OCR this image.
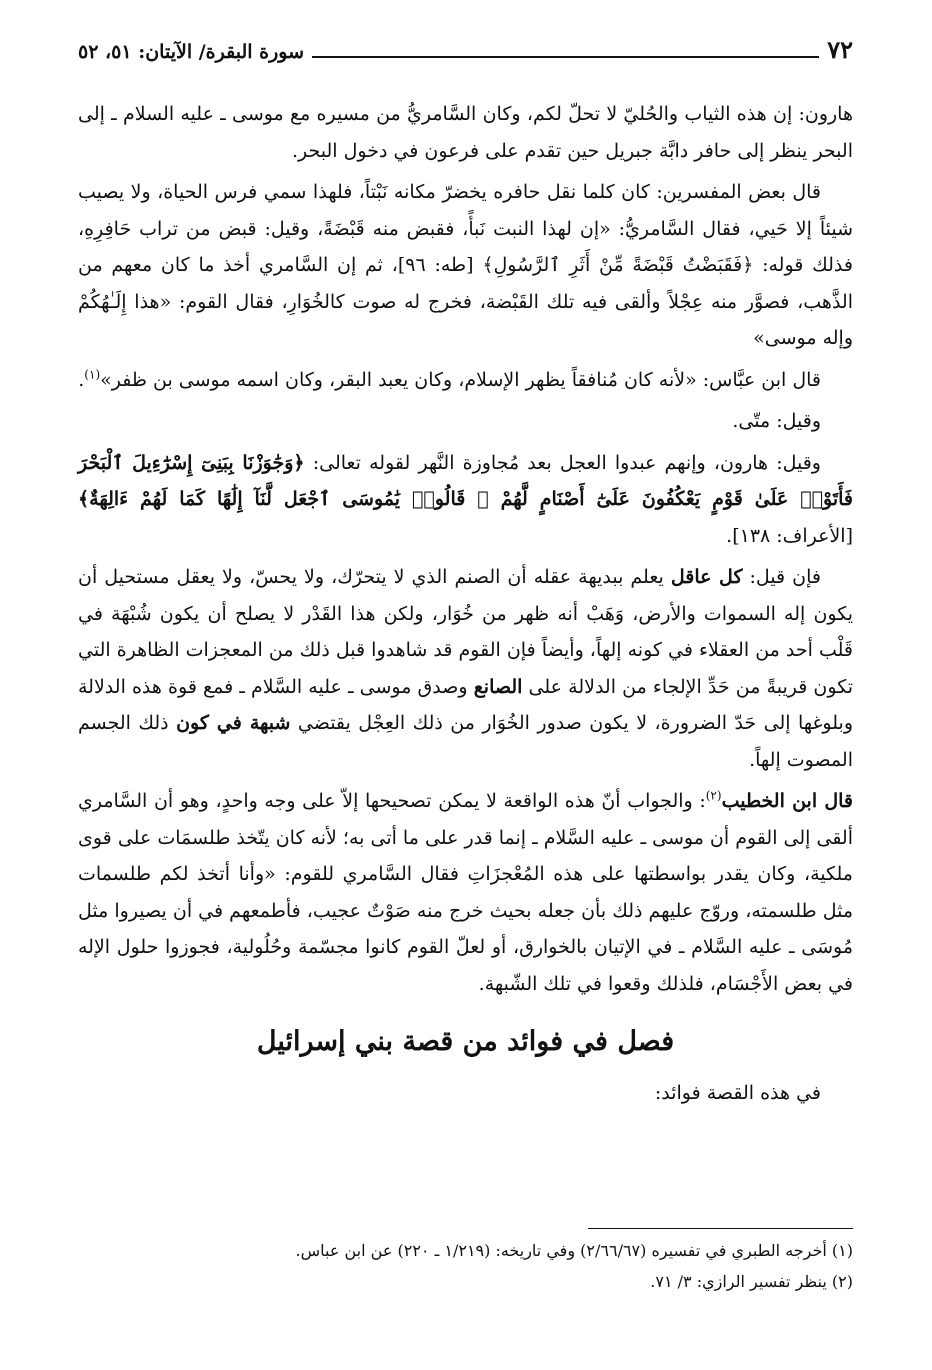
٧٢
سورة البقرة/ الآيتان: ٥١، ٥٢

هارون: إن هذه الثياب والحُليّ لا تحلّ لكم، وكان السَّامريُّ من مسيره مع موسى ـ عليه السلام ـ إلى البحر ينظر إلى حافر دابَّة جبريل حين تقدم على فرعون في دخول البحر.

قال بعض المفسرين: كان كلما نقل حافره يخضرّ مكانه نَبْتاً، فلهذا سمي فرس الحياة، ولا يصيب شيئاً إلا حَيي، فقال السَّامريُّ: «إن لهذا النبت نَبأً، فقبض منه قَبْضَةً، وقيل: قبض من تراب حَافِرِهِ، فذلك قوله: ﴿فَقَبَضْتُ قَبْضَةً مِّنْ أَثَرِ ٱلرَّسُولِ﴾ [طه: ٩٦]، ثم إن السَّامري أخذ ما كان معهم من الذَّهب، فصوَّر منه عِجْلاً وألقى فيه تلك القَبْضة، فخرج له صوت كالخُوَارِ، فقال القوم: «هذا إِلَـٰهُكُمْ وإله موسى»

قال ابن عبَّاس: «لأنه كان مُنافقاً يظهر الإسلام، وكان يعبد البقر، وكان اسمه موسى بن ظفر»$^{(١)}$.

وقيل: متّى.

وقيل: هارون، وإنهم عبدوا العجل بعد مُجاوزة النَّهر لقوله تعالى: ﴿وَجَٰوَزْنَا بِبَنِىٓ إِسْرَٰٓءِيلَ ٱلْبَحْرَ فَأَتَوْا۟ عَلَىٰ قَوْمٍ يَعْكُفُونَ عَلَىٰٓ أَصْنَامٍ لَّهُمْ ۚ قَالُوا۟ يَٰمُوسَى ٱجْعَل لَّنَآ إِلَٰهًا كَمَا لَهُمْ ءَالِهَةٌ﴾ [الأعراف: ١٣٨].

فإن قيل: كل عاقل يعلم ببديهة عقله أن الصنم الذي لا يتحرّك، ولا يحسّ، ولا يعقل مستحيل أن يكون إله السموات والأرض، وَهَبْ أنه ظهر من خُوَار، ولكن هذا القَدْر لا يصلح أن يكون شُبْهَة في قَلْب أحد من العقلاء في كونه إلهاً، وأيضاً فإن القوم قد شاهدوا قبل ذلك من المعجزات الظاهرة التي تكون قريبةً من حَدِّ الإلجاء من الدلالة على الصانع وصدق موسى ـ عليه السَّلام ـ فمع قوة هذه الدلالة وبلوغها إلى حَدّ الضرورة، لا يكون صدور الخُوَار من ذلك العِجْل يقتضي شبهة في كون ذلك الجسم المصوت إلهاً.

قال ابن الخطيب$^{(٢)}$: والجواب أنّ هذه الواقعة لا يمكن تصحيحها إلاّ على وجه واحدٍ، وهو أن السَّامري ألقى إلى القوم أن موسى ـ عليه السَّلام ـ إنما قدر على ما أتى به؛ لأنه كان يتّخذ طلسمَات على قوى ملكية، وكان يقدر بواسطتها على هذه المُعْجزَاتِ فقال السَّامري للقوم: «وأنا أتخذ لكم طلسمات مثل طلسمته، وروّج عليهم ذلك بأن جعله بحيث خرج منه صَوْتٌ عجيب، فأطمعهم في أن يصيروا مثل مُوسَى ـ عليه السَّلام ـ في الإتيان بالخوارق، أو لعلّ القوم كانوا مجسّمة وحُلُولية، فجوزوا حلول الإله في بعض الأَجْسَام، فلذلك وقعوا في تلك الشّبهة.

فصل في فوائد من قصة بني إسرائيل

في هذه القصة فوائد:

(١) أخرجه الطبري في تفسيره (٢/٦٦/٦٧) وفي تاريخه: (١/٢١٩ ـ ٢٢٠) عن ابن عباس.

(٢) ينظر تفسير الرازي: ٣/ ٧١.
